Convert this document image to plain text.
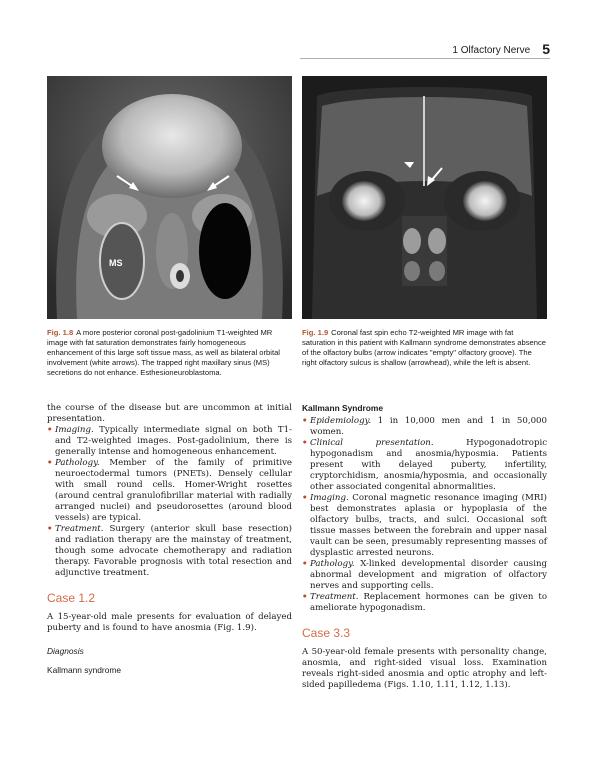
1 Olfactory Nerve 5
MS
Fig. 1.8 A more posterior coronal post-gadolinium T1-weighted MR image with fat saturation demonstrates fairly homogeneous enhancement of this large soft tissue mass, as well as bilateral orbital involvement (white arrows). The trapped right maxillary sinus (MS) secretions do not enhance. Esthesioneuroblastoma.
Fig. 1.9 Coronal fast spin echo T2-weighted MR image with fat saturation in this patient with Kallmann syndrome demonstrates absence of the olfactory bulbs (arrow indicates "empty" olfactory groove). The right olfactory sulcus is shallow (arrowhead), while the left is absent.

the course of the disease but are uncommon at initial presentation.

• Imaging. Typically intermediate signal on both T1- and T2-weighted images. Post-gadolinium, there is generally intense and homogeneous enhancement.
• Pathology. Member of the family of primitive neuroectodermal tumors (PNETs). Densely cellular with small round cells. Homer-Wright rosettes (around central granulofibrillar material with radially arranged nuclei) and pseudorosettes (around blood vessels) are typical.
• Treatment. Surgery (anterior skull base resection) and radiation therapy are the mainstay of treatment, though some advocate chemotherapy and radiation therapy. Favorable prognosis with total resection and adjunctive treatment.
Case 1.2

A 15-year-old male presents for evaluation of delayed puberty and is found to have anosmia (Fig. 1.9).

Diagnosis
Kallmann syndrome
Kallmann Syndrome
• Epidemiology. 1 in 10,000 men and 1 in 50,000 women.
• Clinical presentation.	Hypogonadotropic hypogonadism and anosmia/hyposmia. Patients present with delayed puberty, infertility, cryptorchidism, anosmia/hyposmia, and occasionally other associated congenital abnormalities.
• Imaging. Coronal magnetic resonance imaging (MRI) best demonstrates aplasia or hypoplasia of the olfactory bulbs, tracts, and sulci. Occasional soft tissue masses between the forebrain and upper nasal vault can be seen, presumably representing masses of dysplastic arrested neurons.
• Pathology. X-linked developmental disorder causing abnormal development and migration of olfactory nerves and supporting cells.
• Treatment. Replacement hormones can be given to ameliorate hypogonadism.
Case 3.3

A 50-year-old female presents with personality change, anosmia, and right-sided visual loss. Examination reveals right-sided anosmia and optic atrophy and left-sided papilledema (Figs. 1.10, 1.11, 1.12, 1.13).
